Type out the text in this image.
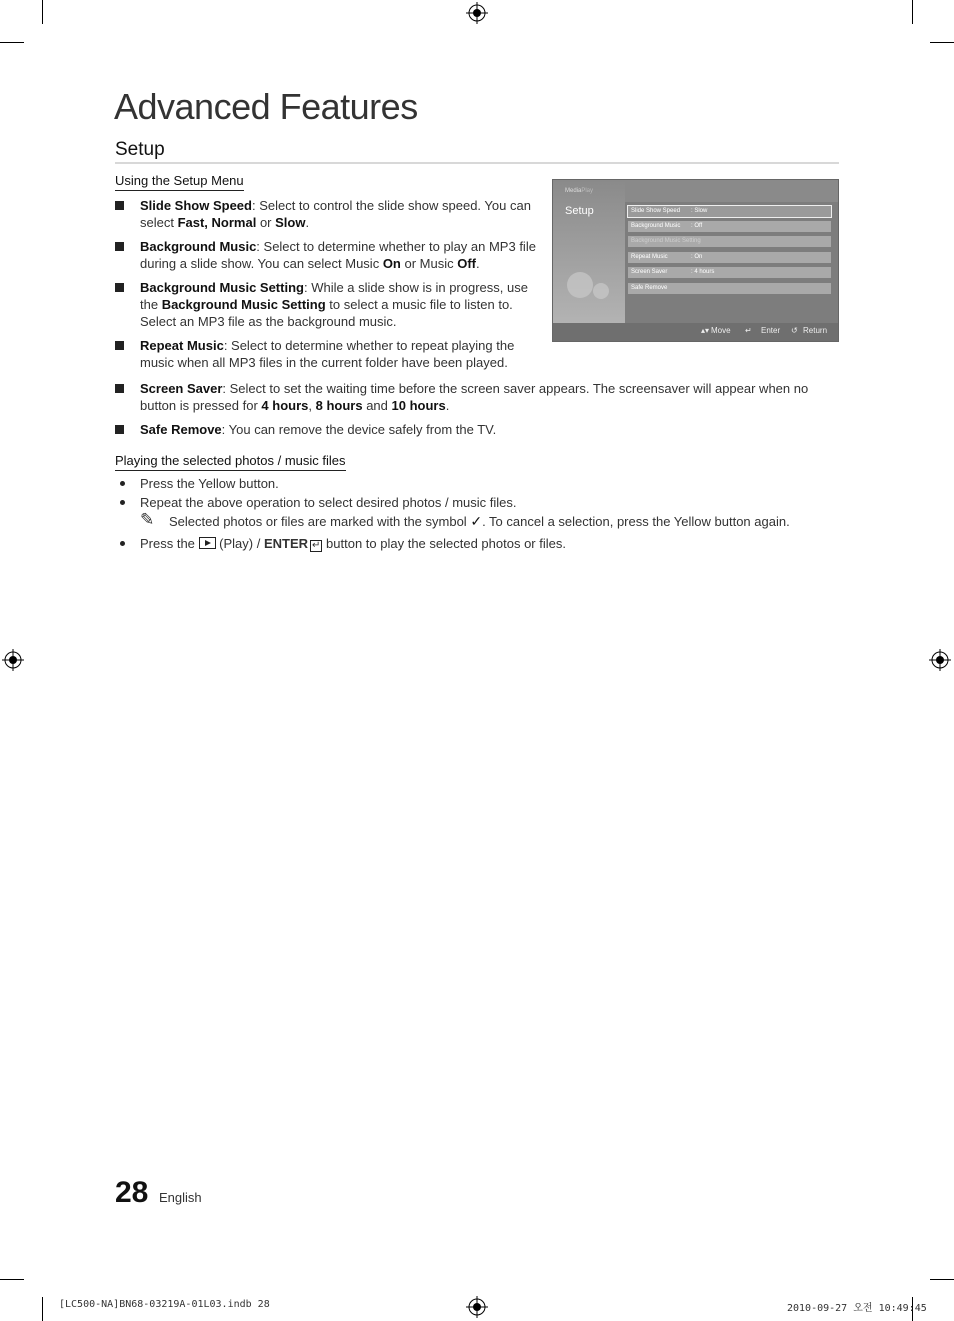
Advanced Features
Setup
Using the Setup Menu
Slide Show Speed: Select to control the slide show speed. You can
select Fast, Normal or Slow.
Background Music: Select to determine whether to play an MP3 file
during a slide show. You can select Music On or Music Off.
Background Music Setting: While a slide show is in progress, use
the Background Music Setting to select a music file to listen to.
Select an MP3 file as the background music.
Repeat Music: Select to determine whether to repeat playing the
music when all MP3 files in the current folder have been played.
Screen Saver: Select to set the waiting time before the screen saver appears. The screensaver will appear when no
button is pressed for 4 hours, 8 hours and 10 hours.
Safe Remove: You can remove the device safely from the TV.
MediaPlay
Setup	Slide Show Speed : Slow
Background Music : Off
Background Music Setting
Repeat Music	: On
Screen Saver	: 4 hours
Safe Remove
▴▾ Move ↵ Enter ↺ Return
Playing the selected photos / music files
Press the Yellow button.
Repeat the above operation to select desired photos / music files.
✎ Selected photos or files are marked with the symbol ✓. To cancel a selection, press the Yellow button again.
Press the (Play) / ENTER ↵ button to play the selected photos or files.
28 English
[LC500-NA]BN68-03219A-01L03.indb 28	2010-09-27 오전 10:49:45
